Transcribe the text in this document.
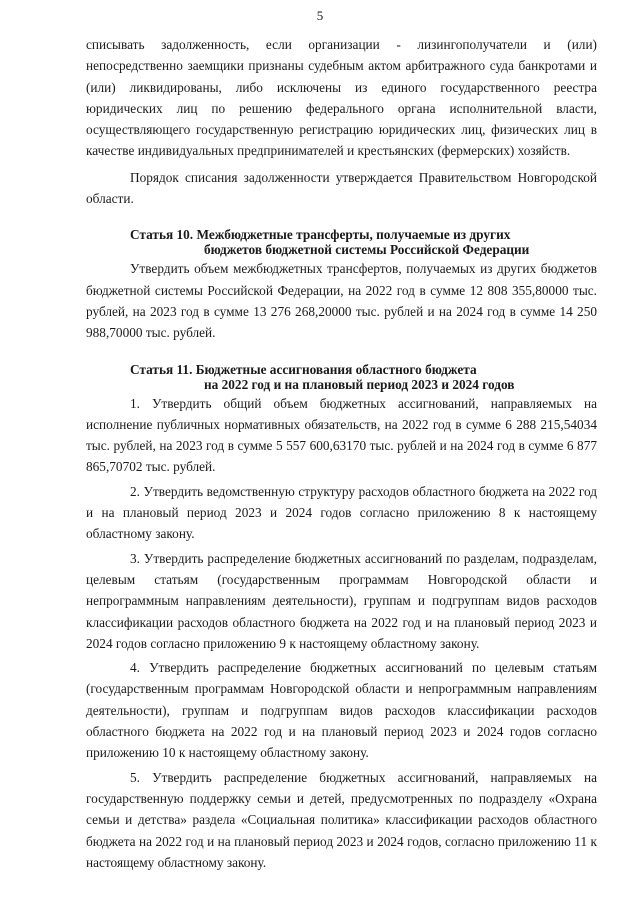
5

списывать задолженность, если организации - лизингополучатели и (или) непосредственно заемщики признаны судебным актом арбитражного суда банкротами и (или) ликвидированы, либо исключены из единого государственного реестра юридических лиц по решению федерального органа исполнительной власти, осуществляющего государственную регистрацию юридических лиц, физических лиц в качестве индивидуальных предпринимателей и крестьянских (фермерских) хозяйств.

Порядок списания задолженности утверждается Правительством Новгородской области.

Статья 10. Межбюджетные трансферты, получаемые из других
бюджетов бюджетной системы Российской Федерации

Утвердить объем межбюджетных трансфертов, получаемых из других бюджетов бюджетной системы Российской Федерации, на 2022 год в сумме 12 808 355,80000 тыс. рублей, на 2023 год в сумме 13 276 268,20000 тыс. рублей и на 2024 год в сумме 14 250 988,70000 тыс. рублей.

Статья 11. Бюджетные ассигнования областного бюджета
на 2022 год и на плановый период 2023 и 2024 годов

1. Утвердить общий объем бюджетных ассигнований, направляемых на исполнение публичных нормативных обязательств, на 2022 год в сумме 6 288 215,54034 тыс. рублей, на 2023 год в сумме 5 557 600,63170 тыс. рублей и на 2024 год в сумме 6 877 865,70702 тыс. рублей.

2. Утвердить ведомственную структуру расходов областного бюджета на 2022 год и на плановый период 2023 и 2024 годов согласно приложению 8 к настоящему областному закону.

3. Утвердить распределение бюджетных ассигнований по разделам, подразделам, целевым статьям (государственным программам Новгородской области и непрограммным направлениям деятельности), группам и подгруппам видов расходов классификации расходов областного бюджета на 2022 год и на плановый период 2023 и 2024 годов согласно приложению 9 к настоящему областному закону.

4. Утвердить распределение бюджетных ассигнований по целевым статьям (государственным программам Новгородской области и непрограммным направлениям деятельности), группам и подгруппам видов расходов классификации расходов областного бюджета на 2022 год и на плановый период 2023 и 2024 годов согласно приложению 10 к настоящему областному закону.

5. Утвердить распределение бюджетных ассигнований, направляемых на государственную поддержку семьи и детей, предусмотренных по подразделу «Охрана семьи и детства» раздела «Социальная политика» классификации расходов областного бюджета на 2022 год и на плановый период 2023 и 2024 годов, согласно приложению 11 к настоящему областному закону.
